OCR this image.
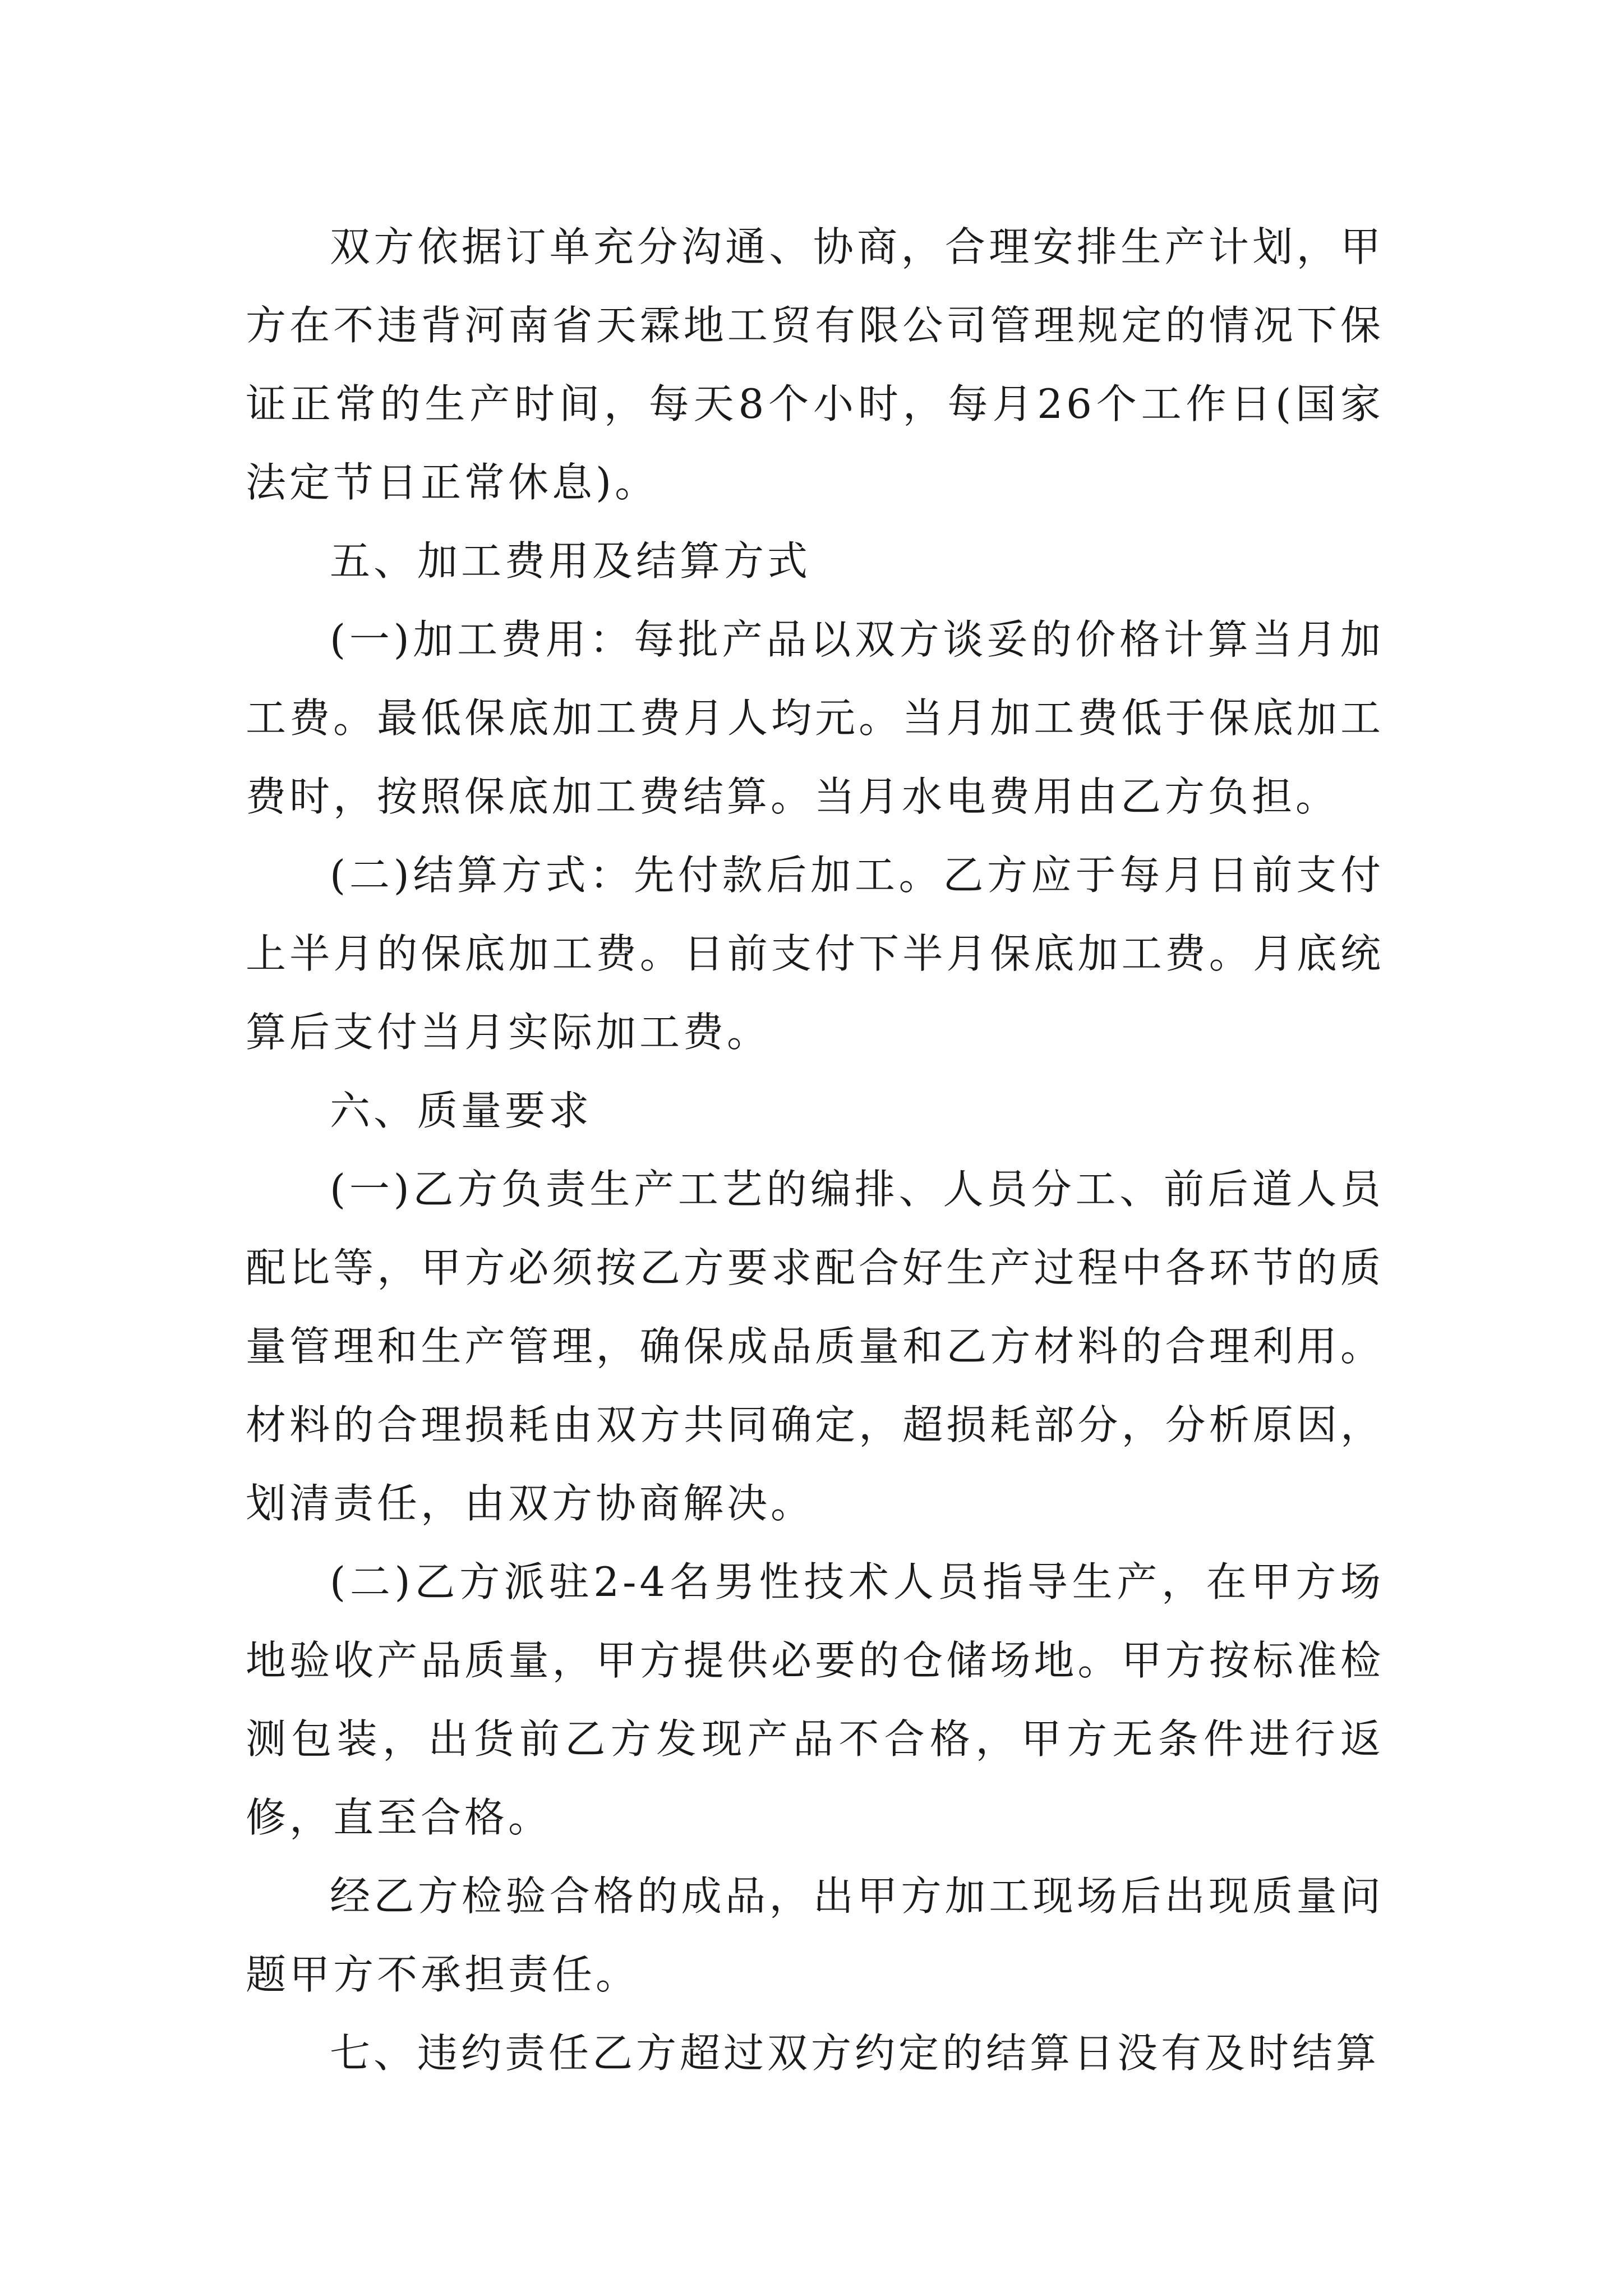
双方依据订单充分沟通、协商，合理安排生产计划，甲方在不违背河南省天霖地工贸有限公司管理规定的情况下保证正常的生产时间，每天8个小时，每月26个工作日(国家法定节日正常休息)。

五、加工费用及结算方式

(一)加工费用：每批产品以双方谈妥的价格计算当月加工费。最低保底加工费月人均元。当月加工费低于保底加工费时，按照保底加工费结算。当月水电费用由乙方负担。

(二)结算方式：先付款后加工。乙方应于每月日前支付上半月的保底加工费。日前支付下半月保底加工费。月底统算后支付当月实际加工费。

六、质量要求

(一)乙方负责生产工艺的编排、人员分工、前后道人员配比等，甲方必须按乙方要求配合好生产过程中各环节的质量管理和生产管理，确保成品质量和乙方材料的合理利用。材料的合理损耗由双方共同确定，超损耗部分，分析原因，划清责任，由双方协商解决。

(二)乙方派驻2-4名男性技术人员指导生产，在甲方场地验收产品质量，甲方提供必要的仓储场地。甲方按标准检测包装，出货前乙方发现产品不合格，甲方无条件进行返修，直至合格。

经乙方检验合格的成品，出甲方加工现场后出现质量问题甲方不承担责任。

七、违约责任乙方超过双方约定的结算日没有及时结算
